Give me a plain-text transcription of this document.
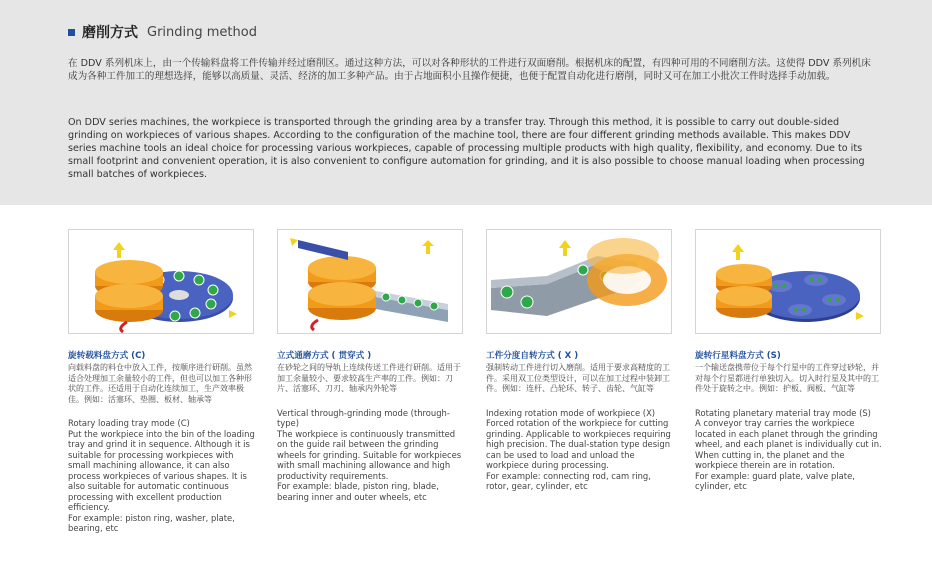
磨削方式 Grinding method
在 DDV 系列机床上，由一个传输料盘将工件传输并经过磨削区。通过这种方法，可以对各种形状的工件进行双面磨削。根据机床的配置，有四种可用的不同磨削方法。这使得 DDV 系列机床成为各种工件加工的理想选择，能够以高质量、灵活、经济的加工多种产品。由于占地面积小且操作便捷，也便于配置自动化进行磨削，同时又可在加工小批次工件时选择手动加载。
On DDV series machines, the workpiece is transported through the grinding area by a transfer tray. Through this method, it is possible to carry out double-sided grinding on workpieces of various shapes. According to the configuration of the machine tool, there are four different grinding methods available. This makes DDV series machine tools an ideal choice for processing various workpieces, capable of processing multiple products with high quality, flexibility, and economy. Due to its small footprint and convenient operation, it is also convenient to configure automation for grinding, and it is also possible to choose manual loading when processing small batches of workpieces.
旋转载料盘方式 (C)
向载料盘的料仓中放入工件，按顺序进行研削。虽然适合处理加工余量较小的工件，但也可以加工各种形状的工件。还适用于自动化连续加工，生产效率极佳。例如：活塞环、垫圈、板材、轴承等
Rotary loading tray mode (C)
Put the workpiece into the bin of the loading tray and grind it in sequence. Although it is suitable for processing workpieces with small machining allowance, it can also process workpieces of various shapes. It is also suitable for automatic continuous processing with excellent production efficiency.
For example: piston ring, washer, plate, bearing, etc
立式通磨方式 ( 贯穿式 )
在砂轮之间的导轨上连续传送工件进行研削。适用于加工余量较小、要求较高生产率的工件。例如：刀片、活塞环、刀刃、轴承内外轮等
Vertical through-grinding mode (through-type)
The workpiece is continuously transmitted on the guide rail between the grinding wheels for grinding. Suitable for workpieces with small machining allowance and high productivity requirements.
For example: blade, piston ring, blade, bearing inner and outer wheels, etc
工件分度自转方式 ( X )
强制转动工件进行切入磨削。适用于要求高精度的工件。采用双工位类型设计，可以在加工过程中装卸工件。例如：连杆、凸轮环、转子、齿轮、气缸等
Indexing rotation mode of workpiece (X)
Forced rotation of the workpiece for cutting grinding. Applicable to workpieces requiring high precision. The dual-station type design can be used to load and unload the workpiece during processing.
For example: connecting rod, cam ring, rotor, gear, cylinder, etc
旋转行星料盘方式 (S)
一个输送盘携带位于每个行星中的工件穿过砂轮，并对每个行星都进行单独切入。切入时行星及其中的工件处于旋转之中。例如：护板、阀板、气缸等
Rotating planetary material tray mode (S)
A conveyor tray carries the workpiece located in each planet through the grinding wheel, and each planet is individually cut in. When cutting in, the planet and the workpiece therein are in rotation.
For example: guard plate, valve plate, cylinder, etc
